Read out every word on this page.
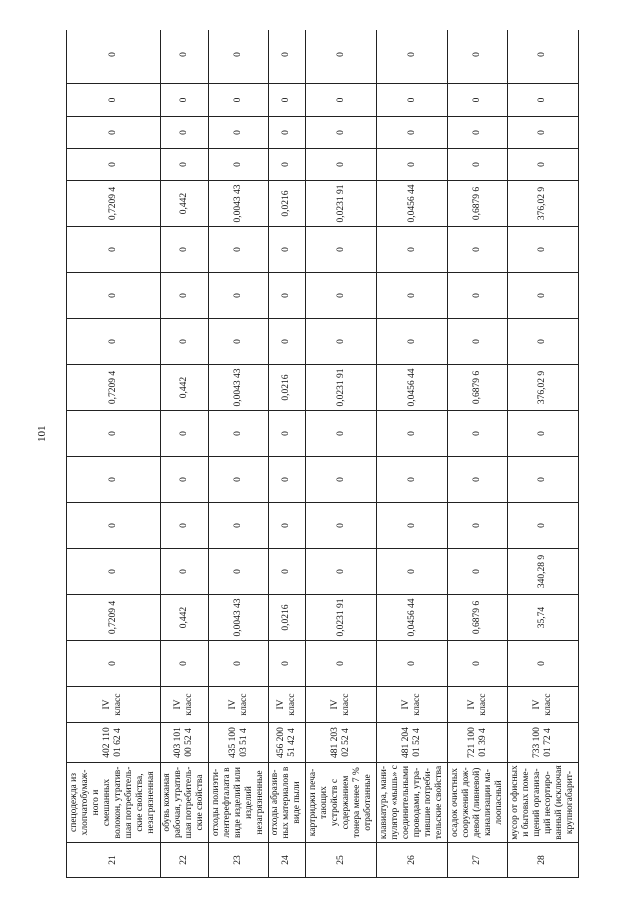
101
21	спецодежда из хлопчатобумаж-ного и смешанных волокон, утратив-шая потребитель-ские свойства, незагрязненная	402 110 01 62 4	IV класс	0	0,7209 4	0	0	0	0	0,7209 4	0	0	0	0,7209 4	0	0	0	0
22	обувь кожаная рабочая, утратив-шая потребитель-ские свойства	403 101 00 52 4	IV класс	0	0,442	0	0	0	0	0,442	0	0	0	0,442	0	0	0	0
23	отходы полиэти-лентерефталата в виде изделий или изделий незагрязненные	435 100 03 51 4	IV класс	0	0,0043 43	0	0	0	0	0,0043 43	0	0	0	0,0043 43	0	0	0	0
24	отходы абразив-ных материалов в виде пыли	456 200 51 42 4	IV класс	0	0,0216	0	0	0	0	0,0216	0	0	0	0,0216	0	0	0	0
25	картриджи печа-тающих устройств с содержанием тонера менее 7 % отработанные	481 203 02 52 4	IV класс	0	0,0231 91	0	0	0	0	0,0231 91	0	0	0	0,0231 91	0	0	0	0
26	клавиатура, мани-пулятор «мышь» с соединительными проводами, утра-тившие потреби-тельские свойства	481 204 01 52 4	IV класс	0	0,0456 44	0	0	0	0	0,0456 44	0	0	0	0,0456 44	0	0	0	0
27	осадок очистных сооружений дож-девой (ливневой) канализации ма-лоопасный	721 100 01 39 4	IV класс	0	0,6879 6	0	0	0	0	0,6879 6	0	0	0	0,6879 6	0	0	0	0
28	мусор от офисных и бытовых поме-щений организа-ций несортиро-ванный (исключая крупногабарит-	733 100 01 72 4	IV класс	0	35,74	340,28 9	0	0	0	376,02 9	0	0	0	376,02 9	0	0	0	0
